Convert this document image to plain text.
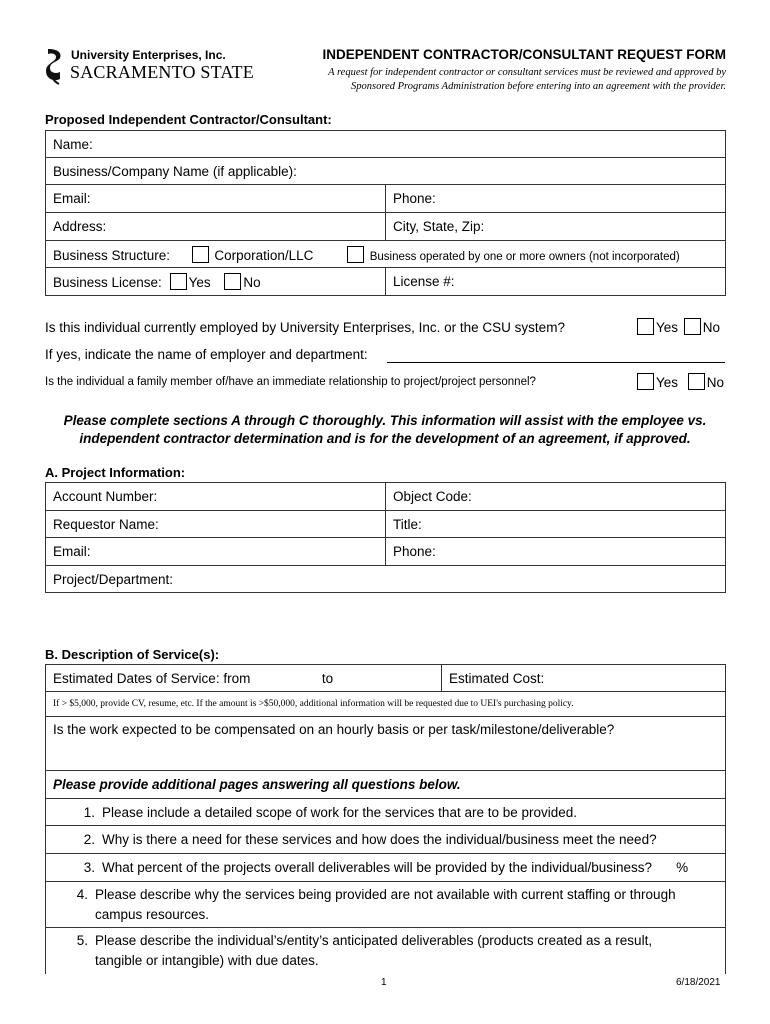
University Enterprises, Inc.
SACRAMENTO STATE
INDEPENDENT CONTRACTOR/CONSULTANT REQUEST FORM
A request for independent contractor or consultant services must be reviewed and approved by
Sponsored Programs Administration before entering into an agreement with the provider.
Proposed Independent Contractor/Consultant:
Name:	
Business/Company Name (if applicable):	
Email:	Phone:
Address:	City, State, Zip:
Business Structure: Corporation/LLC Business operated by one or more owners (not incorporated)	
Business License: Yes No	License #:
Is this individual currently employed by University Enterprises, Inc. or the CSU system?	Yes No
If yes, indicate the name of employer and department:
Is the individual a family member of/have an immediate relationship to project/project personnel?	Yes No
Please complete sections A through C thoroughly. This information will assist with the employee vs.
independent contractor determination and is for the development of an agreement, if approved.
A. Project Information:
Account Number:	Object Code:
Requestor Name:	Title:
Email:	Phone:
Project/Department:	
B. Description of Service(s):
Estimated Dates of Service: from	to	Estimated Cost:
If > $5,000, provide CV, resume, etc. If the amount is >$50,000, additional information will be requested due to UEI's purchasing policy.
Is the work expected to be compensated on an hourly basis or per task/milestone/deliverable?
Please provide additional pages answering all questions below.
1. Please include a detailed scope of work for the services that are to be provided.
2. Why is there a need for these services and how does the individual/business meet the need?
3. What percent of the projects overall deliverables will be provided by the individual/business? %

4. Please describe why the services being provided are not available with current staffing or through campus resources.

5. Please describe the individual’s/entity’s anticipated deliverables (products created as a result, tangible or intangible) with due dates.
1	6/18/2021
